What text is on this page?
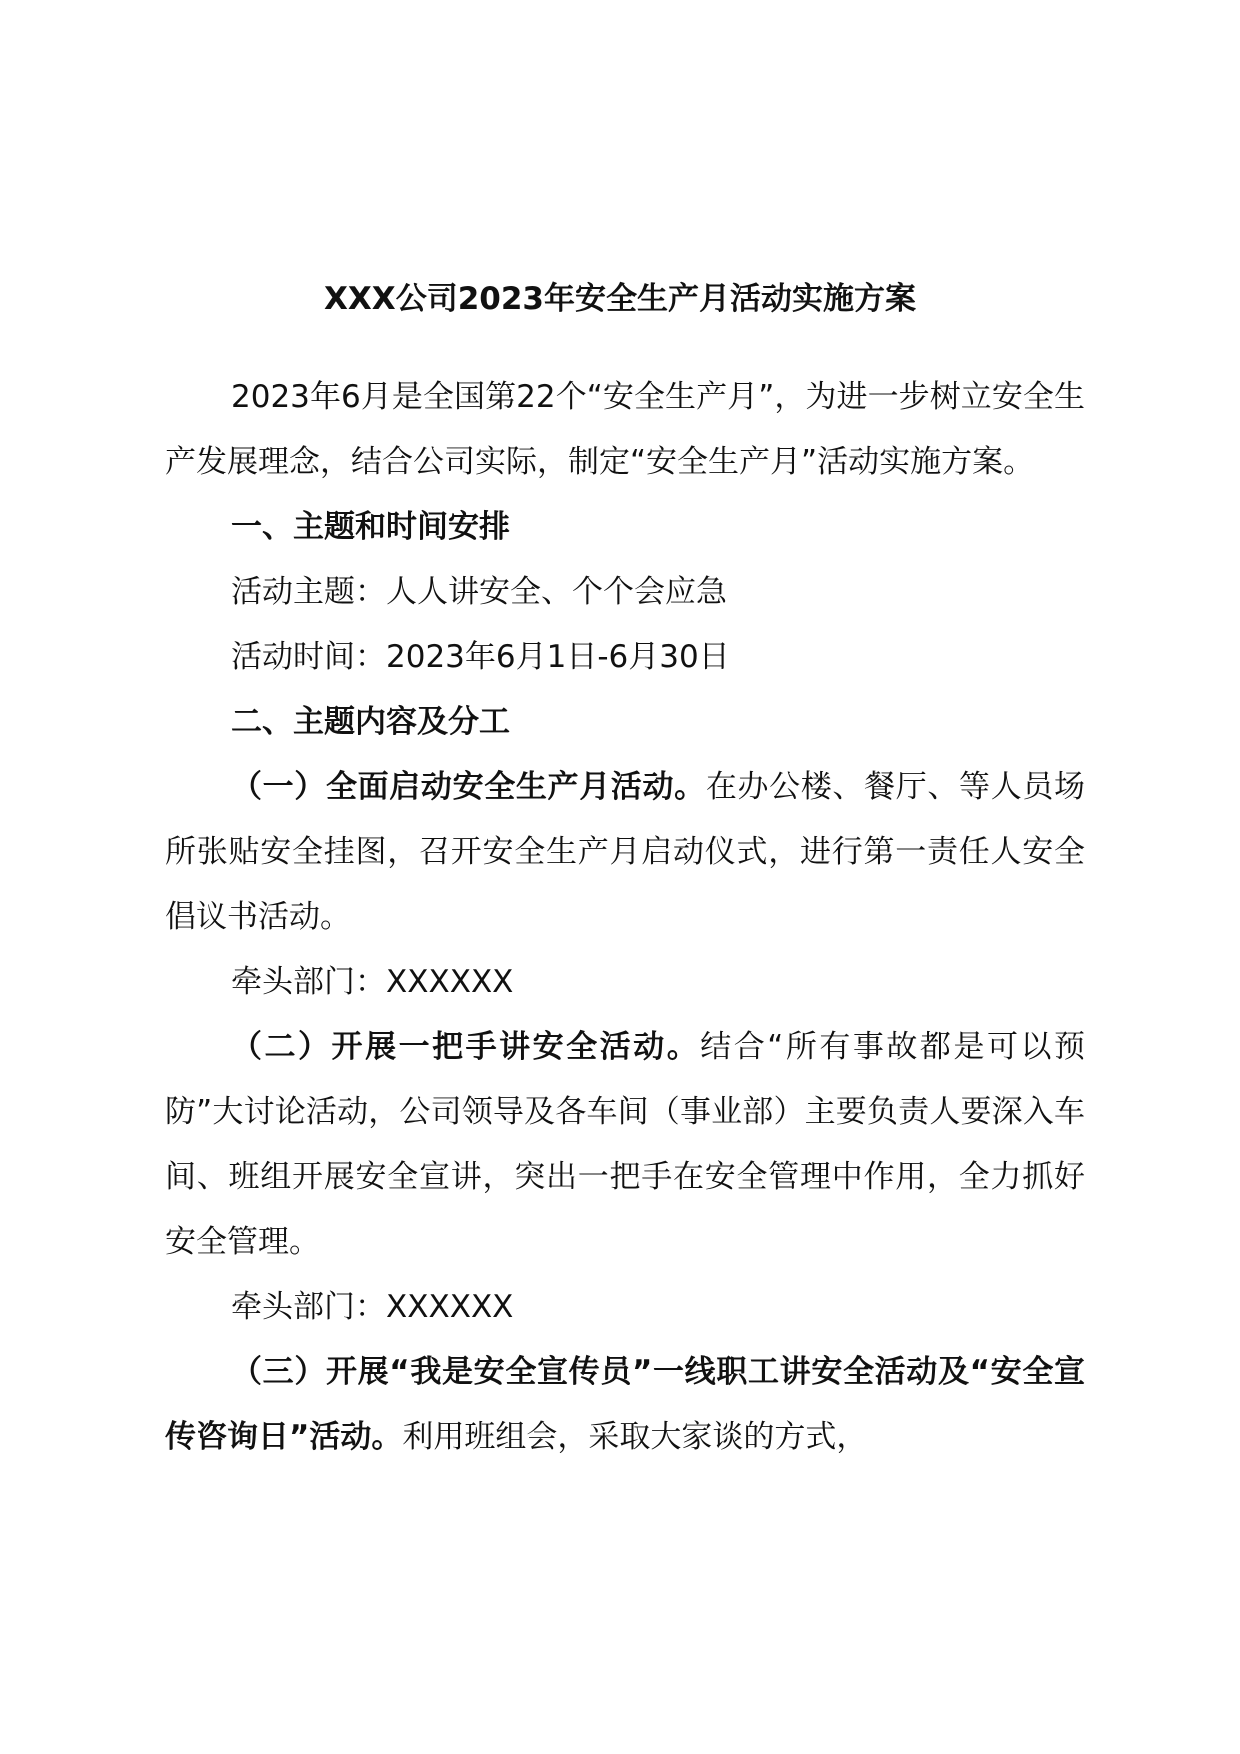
XXX公司2023年安全生产月活动实施方案

2023年6月是全国第22个“安全生产月”，为进一步树立安全生产发展理念，结合公司实际，制定“安全生产月”活动实施方案。

一、主题和时间安排

活动主题：人人讲安全、个个会应急

活动时间：2023年6月1日-6月30日

二、主题内容及分工

（一）全面启动安全生产月活动。在办公楼、餐厅、等人员场所张贴安全挂图，召开安全生产月启动仪式，进行第一责任人安全倡议书活动。

牵头部门：XXXXXX

（二）开展一把手讲安全活动。结合“所有事故都是可以预防”大讨论活动，公司领导及各车间（事业部）主要负责人要深入车间、班组开展安全宣讲，突出一把手在安全管理中作用，全力抓好安全管理。

牵头部门：XXXXXX

（三）开展“我是安全宣传员”一线职工讲安全活动及“安全宣传咨询日”活动。利用班组会，采取大家谈的方式，
